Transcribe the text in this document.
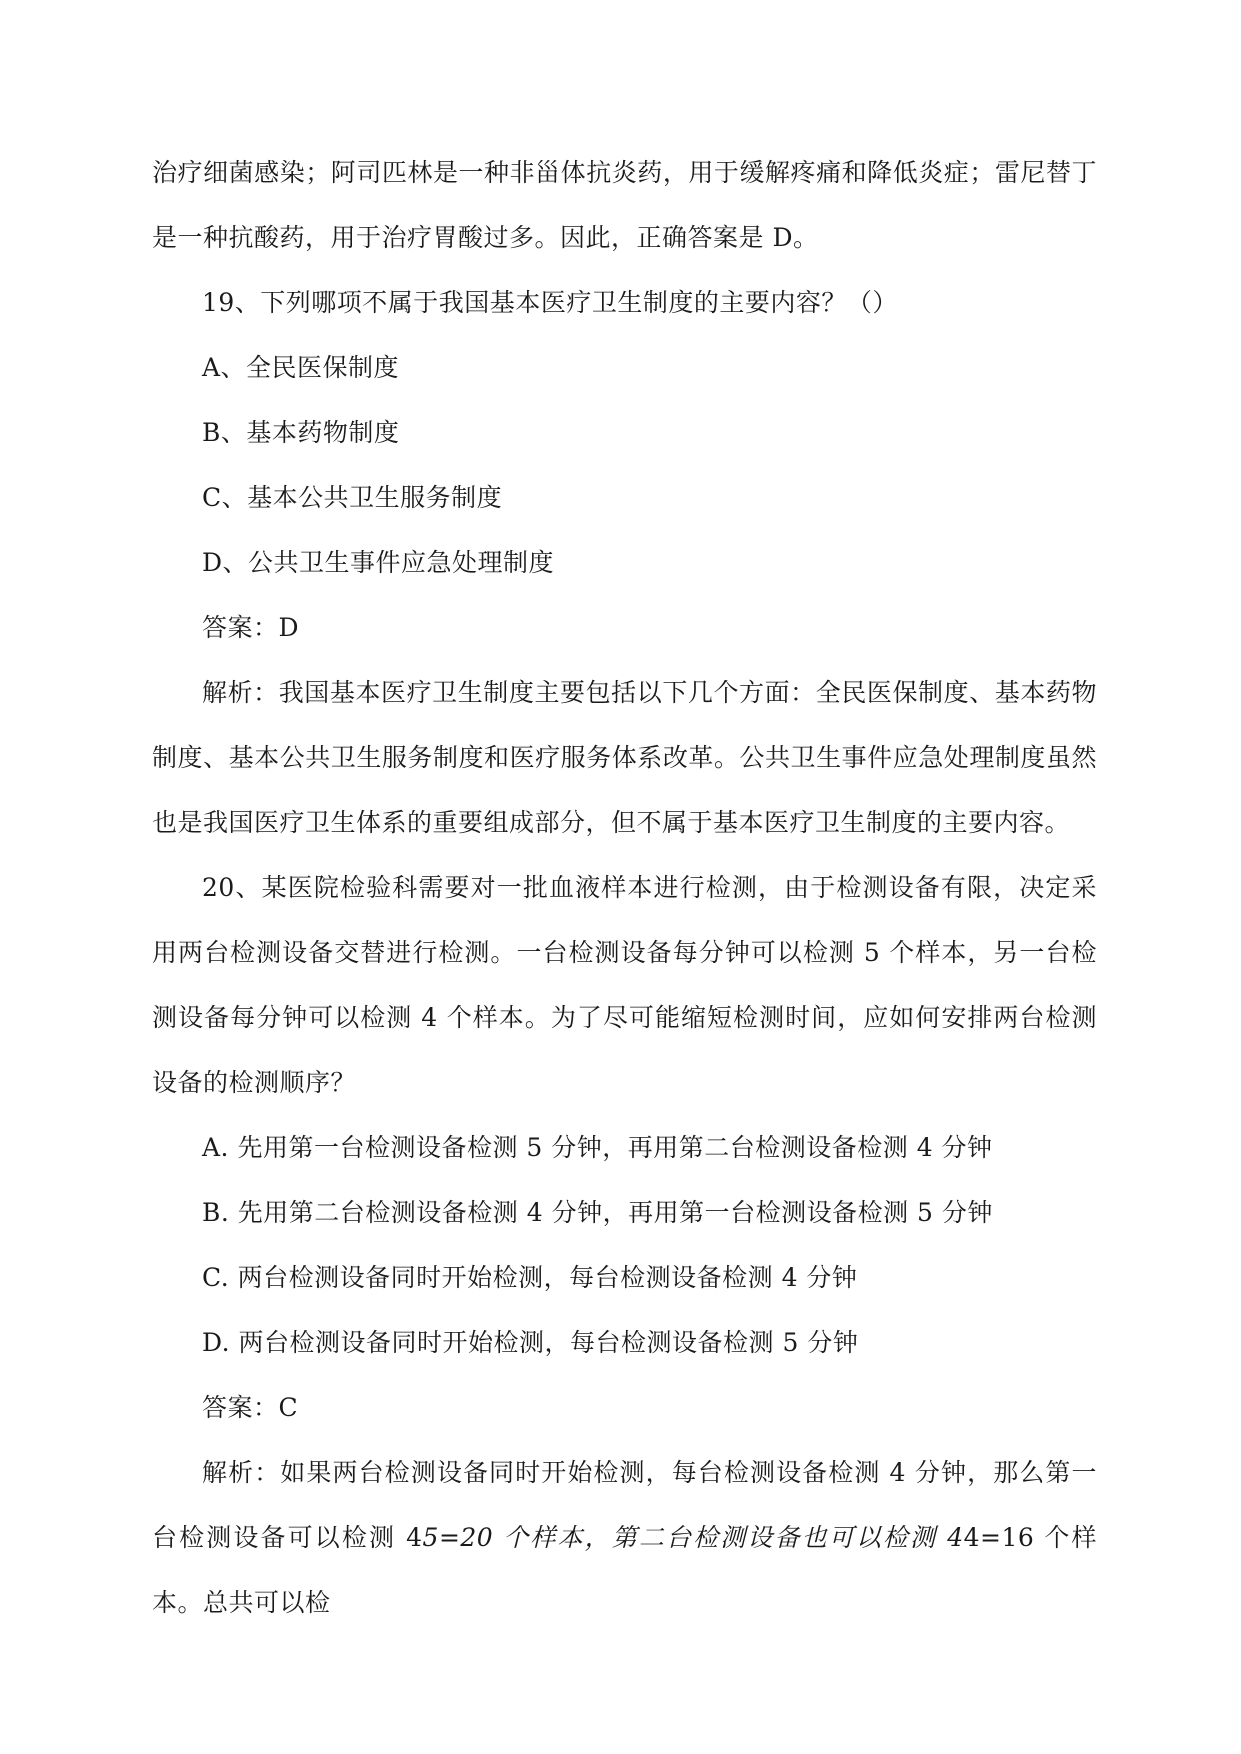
治疗细菌感染；阿司匹林是一种非甾体抗炎药，用于缓解疼痛和降低炎症；雷尼替丁是一种抗酸药，用于治疗胃酸过多。因此，正确答案是 D。

19、下列哪项不属于我国基本医疗卫生制度的主要内容？（）

A、全民医保制度

B、基本药物制度

C、基本公共卫生服务制度

D、公共卫生事件应急处理制度

答案：D

解析：我国基本医疗卫生制度主要包括以下几个方面：全民医保制度、基本药物制度、基本公共卫生服务制度和医疗服务体系改革。公共卫生事件应急处理制度虽然也是我国医疗卫生体系的重要组成部分，但不属于基本医疗卫生制度的主要内容。

20、某医院检验科需要对一批血液样本进行检测，由于检测设备有限，决定采用两台检测设备交替进行检测。一台检测设备每分钟可以检测 5 个样本，另一台检测设备每分钟可以检测 4 个样本。为了尽可能缩短检测时间，应如何安排两台检测设备的检测顺序？

A. 先用第一台检测设备检测 5 分钟，再用第二台检测设备检测 4 分钟

B. 先用第二台检测设备检测 4 分钟，再用第一台检测设备检测 5 分钟

C. 两台检测设备同时开始检测，每台检测设备检测 4 分钟

D. 两台检测设备同时开始检测，每台检测设备检测 5 分钟

答案：C

解析：如果两台检测设备同时开始检测，每台检测设备检测 4 分钟，那么第一台检测设备可以检测 45=20 个样本，第二台检测设备也可以检测 44=16 个样本。总共可以检
